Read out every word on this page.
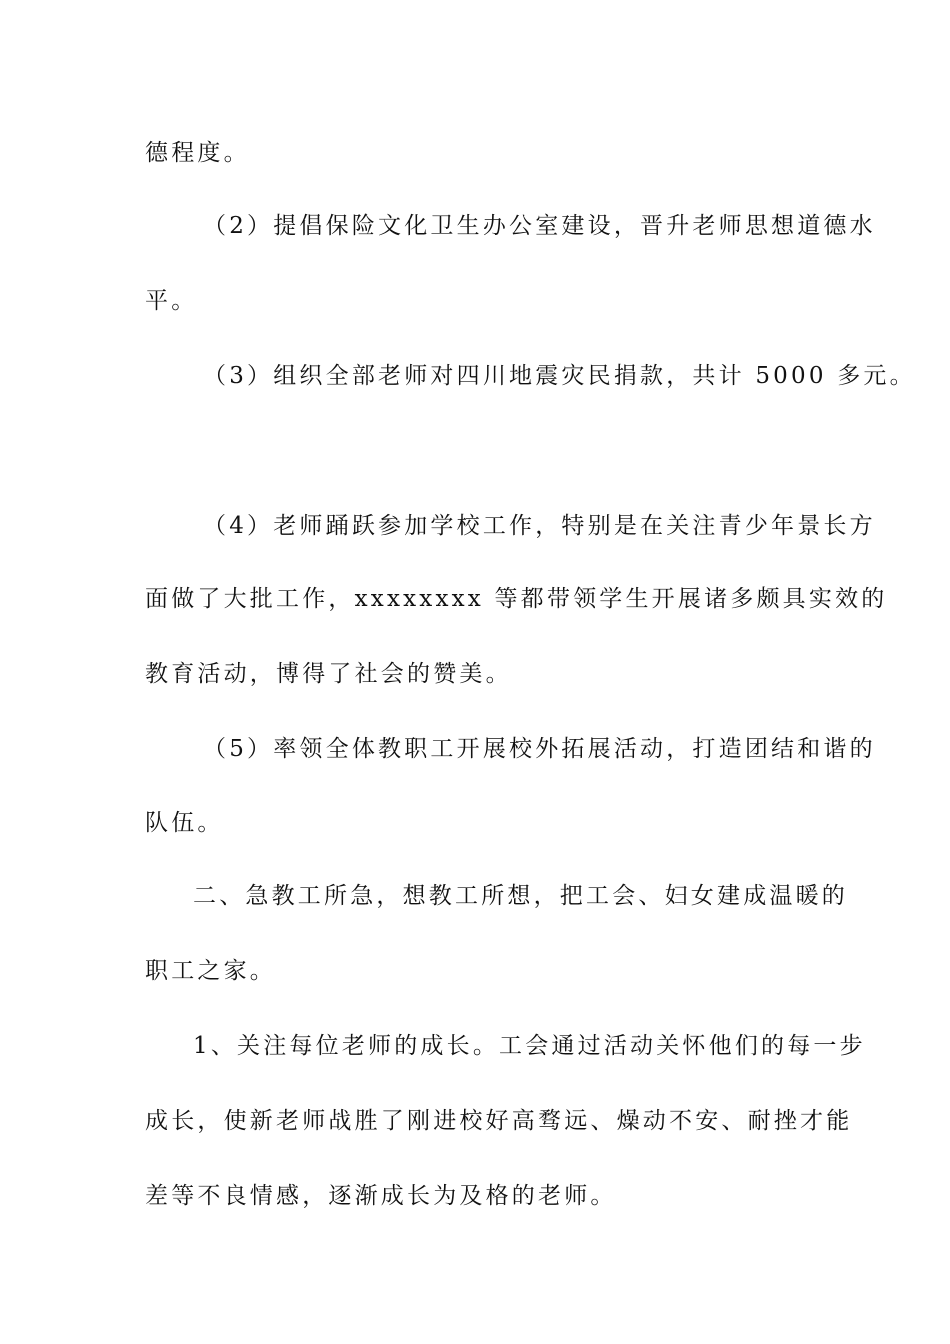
德程度。
（2）提倡保险文化卫生办公室建设，晋升老师思想道德水
平。
（3）组织全部老师对四川地震灾民捐款，共计 5000 多元。
（4）老师踊跃参加学校工作，特别是在关注青少年景长方
面做了大批工作，xxxxxxxx 等都带领学生开展诸多颇具实效的
教育活动，博得了社会的赞美。
（5）率领全体教职工开展校外拓展活动，打造团结和谐的
队伍。
二、急教工所急，想教工所想，把工会、妇女建成温暖的
职工之家。
1、关注每位老师的成长。工会通过活动关怀他们的每一步
成长，使新老师战胜了刚进校好高骛远、燥动不安、耐挫才能
差等不良情感，逐渐成长为及格的老师。
